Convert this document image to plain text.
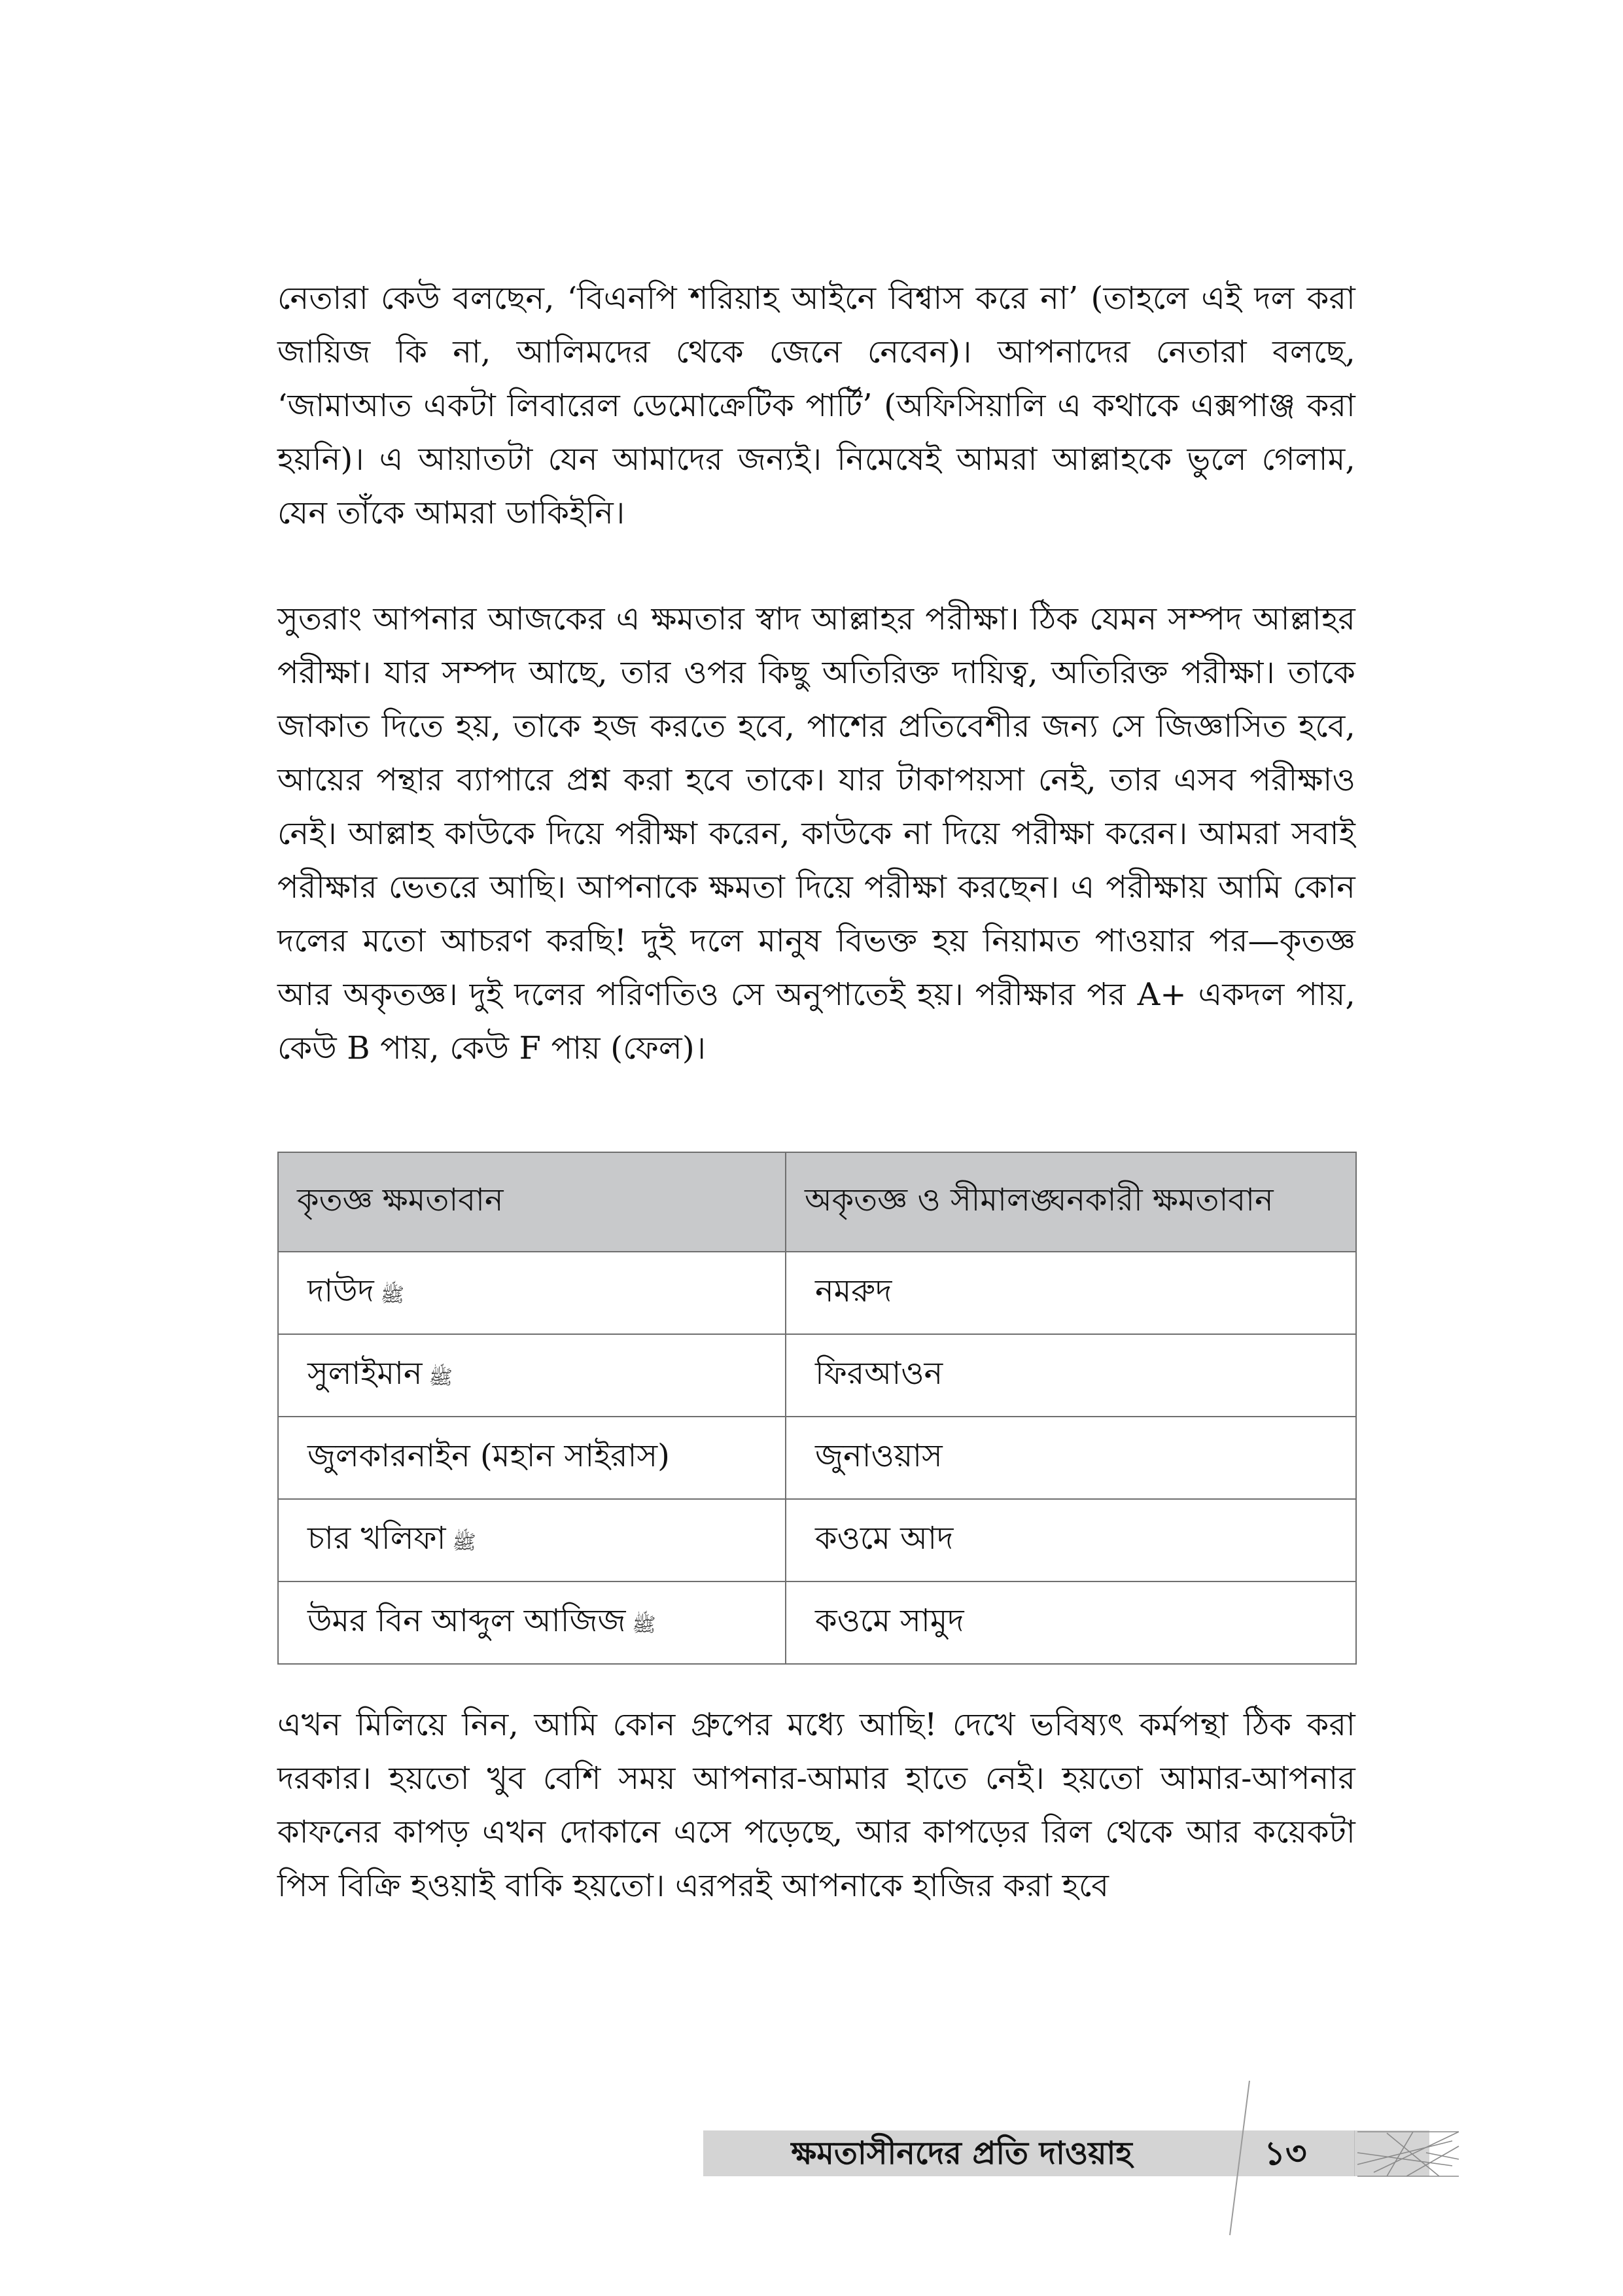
নেতারা কেউ বলছেন, ‘বিএনপি শরিয়াহ আইনে বিশ্বাস করে না’ (তাহলে এই দল করা জায়িজ কি না, আলিমদের থেকে জেনে নেবেন)। আপনাদের নেতারা বলছে, ‘জামাআত একটা লিবারেল ডেমোক্রেটিক পার্টি’ (অফিসিয়ালি এ কথাকে এক্সপাঞ্জ করা হয়নি)। এ আয়াতটা যেন আমাদের জন্যই। নিমেষেই আমরা আল্লাহকে ভুলে গেলাম, যেন তাঁকে আমরা ডাকিইনি।

সুতরাং আপনার আজকের এ ক্ষমতার স্বাদ আল্লাহর পরীক্ষা। ঠিক যেমন সম্পদ আল্লাহর পরীক্ষা। যার সম্পদ আছে, তার ওপর কিছু অতিরিক্ত দায়িত্ব, অতিরিক্ত পরীক্ষা। তাকে জাকাত দিতে হয়, তাকে হজ করতে হবে, পাশের প্রতিবেশীর জন্য সে জিজ্ঞাসিত হবে, আয়ের পন্থার ব্যাপারে প্রশ্ন করা হবে তাকে। যার টাকাপয়সা নেই, তার এসব পরীক্ষাও নেই। আল্লাহ কাউকে দিয়ে পরীক্ষা করেন, কাউকে না দিয়ে পরীক্ষা করেন। আমরা সবাই পরীক্ষার ভেতরে আছি। আপনাকে ক্ষমতা দিয়ে পরীক্ষা করছেন। এ পরীক্ষায় আমি কোন দলের মতো আচরণ করছি! দুই দলে মানুষ বিভক্ত হয় নিয়ামত পাওয়ার পর—কৃতজ্ঞ আর অকৃতজ্ঞ। দুই দলের পরিণতিও সে অনুপাতেই হয়। পরীক্ষার পর A+ একদল পায়, কেউ B পায়, কেউ F পায় (ফেল)।

কৃতজ্ঞ ক্ষমতাবান	অকৃতজ্ঞ ও সীমালঙ্ঘনকারী ক্ষমতাবান
দাউদ ﷺ	নমরুদ
সুলাইমান ﷺ	ফিরআওন
জুলকারনাইন (মহান সাইরাস)	জুনাওয়াস
চার খলিফা ﷺ	কওমে আদ
উমর বিন আব্দুল আজিজ ﷺ	কওমে সামুদ

এখন মিলিয়ে নিন, আমি কোন গ্রুপের মধ্যে আছি! দেখে ভবিষ্যৎ কর্মপন্থা ঠিক করা দরকার। হয়তো খুব বেশি সময় আপনার-আমার হাতে নেই। হয়তো আমার-আপনার কাফনের কাপড় এখন দোকানে এসে পড়েছে, আর কাপড়ের রিল থেকে আর কয়েকটা পিস বিক্রি হওয়াই বাকি হয়তো। এরপরই আপনাকে হাজির করা হবে

ক্ষমতাসীনদের প্রতি দাওয়াহ	১৩
